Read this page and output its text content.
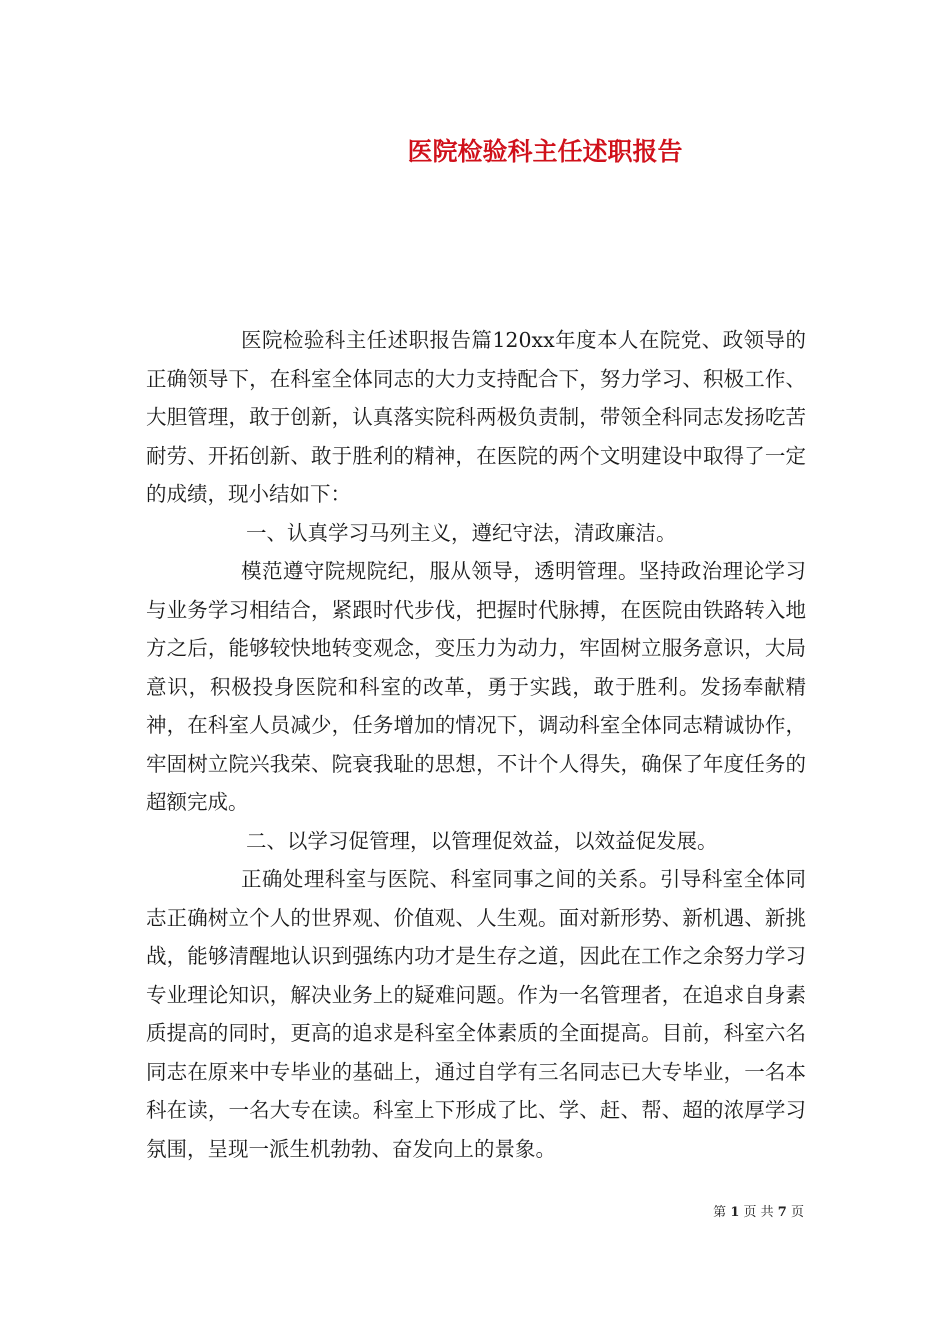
医院检验科主任述职报告

医院检验科主任述职报告篇120xx年度本人在院党、政领导的正确领导下，在科室全体同志的大力支持配合下，努力学习、积极工作、大胆管理，敢于创新，认真落实院科两极负责制，带领全科同志发扬吃苦耐劳、开拓创新、敢于胜利的精神，在医院的两个文明建设中取得了一定的成绩，现小结如下：

一、认真学习马列主义，遵纪守法，清政廉洁。

模范遵守院规院纪，服从领导，透明管理。坚持政治理论学习与业务学习相结合，紧跟时代步伐，把握时代脉搏，在医院由铁路转入地方之后，能够较快地转变观念，变压力为动力，牢固树立服务意识，大局意识，积极投身医院和科室的改革，勇于实践，敢于胜利。发扬奉献精神，在科室人员减少，任务增加的情况下，调动科室全体同志精诚协作，牢固树立院兴我荣、院衰我耻的思想，不计个人得失，确保了年度任务的超额完成。

二、以学习促管理，以管理促效益，以效益促发展。

正确处理科室与医院、科室同事之间的关系。引导科室全体同志正确树立个人的世界观、价值观、人生观。面对新形势、新机遇、新挑战，能够清醒地认识到强练内功才是生存之道，因此在工作之余努力学习专业理论知识，解决业务上的疑难问题。作为一名管理者，在追求自身素质提高的同时，更高的追求是科室全体素质的全面提高。目前，科室六名同志在原来中专毕业的基础上，通过自学有三名同志已大专毕业，一名本科在读，一名大专在读。科室上下形成了比、学、赶、帮、超的浓厚学习氛围，呈现一派生机勃勃、奋发向上的景象。

第 1 页 共 7 页
